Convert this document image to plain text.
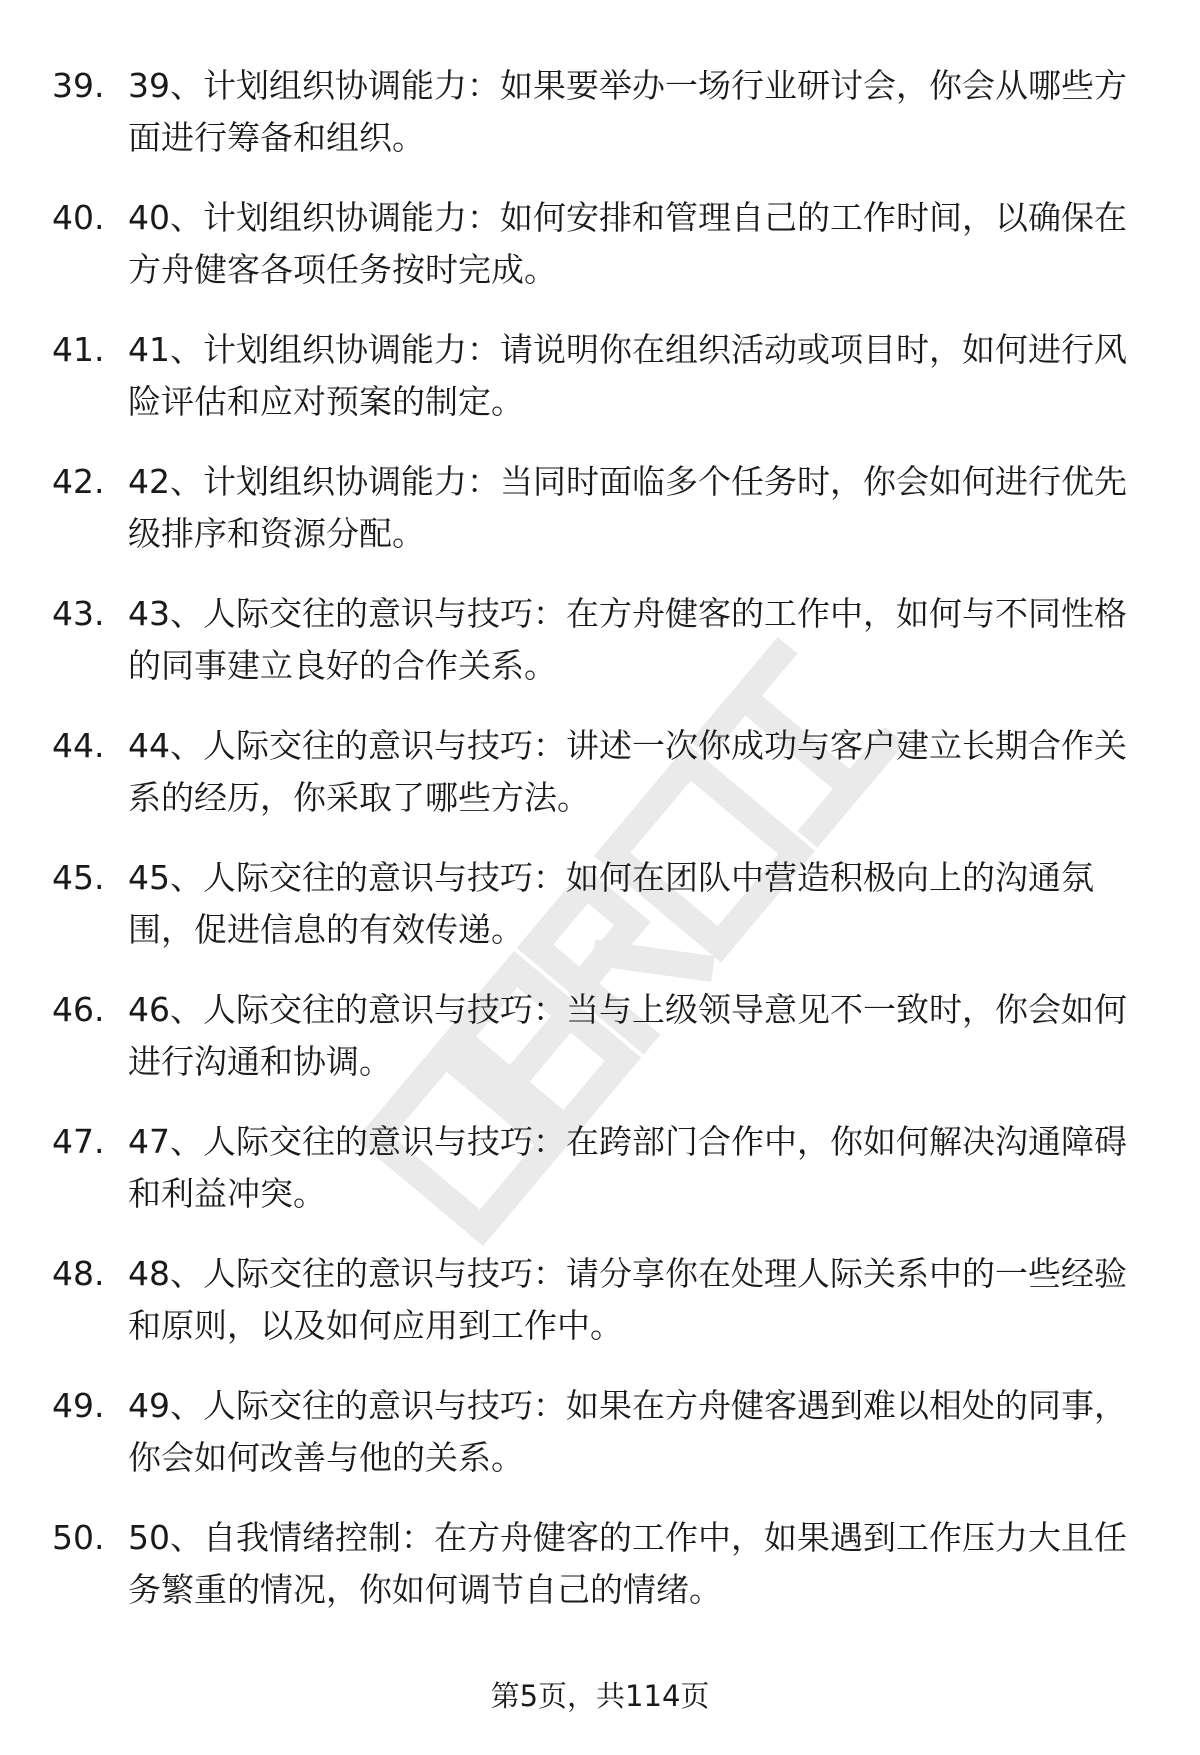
39. 39、计划组织协调能力：如果要举办一场行业研讨会，你会从哪些方面进行筹备和组织。
40. 40、计划组织协调能力：如何安排和管理自己的工作时间，以确保在方舟健客各项任务按时完成。
41. 41、计划组织协调能力：请说明你在组织活动或项目时，如何进行风险评估和应对预案的制定。
42. 42、计划组织协调能力：当同时面临多个任务时，你会如何进行优先级排序和资源分配。
43. 43、人际交往的意识与技巧：在方舟健客的工作中，如何与不同性格的同事建立良好的合作关系。
44. 44、人际交往的意识与技巧：讲述一次你成功与客户建立长期合作关系的经历，你采取了哪些方法。
45. 45、人际交往的意识与技巧：如何在团队中营造积极向上的沟通氛围，促进信息的有效传递。
46. 46、人际交往的意识与技巧：当与上级领导意见不一致时，你会如何进行沟通和协调。
47. 47、人际交往的意识与技巧：在跨部门合作中，你如何解决沟通障碍和利益冲突。
48. 48、人际交往的意识与技巧：请分享你在处理人际关系中的一些经验和原则，以及如何应用到工作中。
49. 49、人际交往的意识与技巧：如果在方舟健客遇到难以相处的同事，你会如何改善与他的关系。
50. 50、自我情绪控制：在方舟健客的工作中，如果遇到工作压力大且任务繁重的情况，你如何调节自己的情绪。
第5页，共114页
